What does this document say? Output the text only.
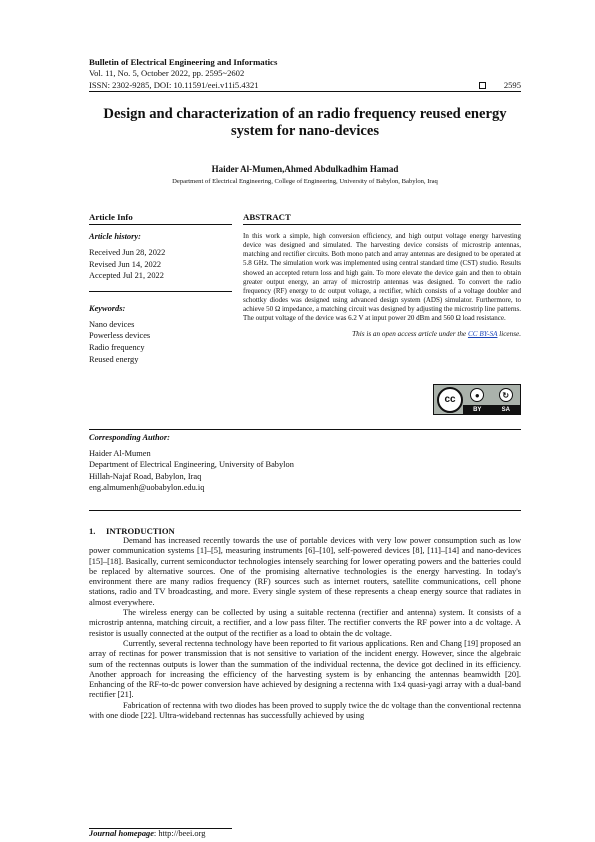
Bulletin of Electrical Engineering and Informatics
Vol. 11, No. 5, October 2022, pp. 2595~2602
ISSN: 2302-9285, DOI: 10.11591/eei.v11i5.4321	2595
Design and characterization of an radio frequency reused energy system for nano-devices
Haider Al-Mumen,Ahmed Abdulkadhim Hamad
Department of Electrical Engineering, College of Engineering, University of Babylon, Babylon, Iraq
Article Info
Article history:
Received Jun 28, 2022
Revised Jun 14, 2022
Accepted Jul 21, 2022
Keywords:
Nano devices
Powerless devices
Radio frequency
Reused energy
ABSTRACT
In this work a simple, high conversion efficiency, and high output voltage energy harvesting device was designed and simulated. The harvesting device consists of microstrip antennas, matching and rectifier circuits. Both mono patch and array antennas are designed to be operated at 5.8 GHz. The simulation work was implemented using central standard time (CST) studio. Results showed an accepted return loss and high gain. To more elevate the device gain and then to obtain greater output energy, an array of microstrip antennas was designed. To convert the radio frequency (RF) energy to dc output voltage, a rectifier, which consists of a voltage doubler and schottky diodes was designed using advanced design system (ADS) simulator. Furthermore, to achieve 50 Ω impedance, a matching circuit was designed by adjusting the microstrip line patterns. The output voltage of the device was 6.2 V at input power 20 dBm and 560 Ω load resistance.
This is an open access article under the CC BY-SA license.
cc	●	↻
BY	SA
Corresponding Author:
Haider Al-Mumen
Department of Electrical Engineering, University of Babylon
Hillah-Najaf Road, Babylon, Iraq
eng.almumenh@uobabylon.edu.iq
1. INTRODUCTION

Demand has increased recently towards the use of portable devices with very low power consumption such as low power communication systems [1]–[5], measuring instruments [6]–[10], self-powered devices [8], [11]–[14] and nano-devices [15]–[18]. Basically, current semiconductor technologies intensely searching for lower operating powers and the batteries could be replaced by alternative sources. One of the promising alternative technologies is the energy harvesting. In today's environment there are many radios frequency (RF) sources such as internet routers, satellite communications, cell phone stations, radio and TV broadcasting, and more. Every single system of these represents a cheap energy source that radiates in almost everywhere.

The wireless energy can be collected by using a suitable rectenna (rectifier and antenna) system. It consists of a microstrip antenna, matching circuit, a rectifier, and a low pass filter. The rectifier converts the RF power into a dc voltage. A resistor is usually connected at the output of the rectifier as a load to obtain the dc voltage.

Currently, several rectenna technology have been reported to fit various applications. Ren and Chang [19] proposed an array of rectinas for power transmission that is not sensitive to variation of the incident energy. However, since the algebraic sum of the rectennas outputs is lower than the summation of the individual rectenna, the device got declined in its efficiency. Another approach for increasing the efficiency of the harvesting system is by enhancing the antennas beamwidth [20]. Enhancing of the RF-to-dc power conversion have achieved by designing a rectenna with 1x4 quasi-yagi array with a dual-band rectifier [21].

Fabrication of rectenna with two diodes has been proved to supply twice the dc voltage than the conventional rectenna with one diode [22]. Ultra-wideband rectennas has successfully achieved by using

Journal homepage: http://beei.org
